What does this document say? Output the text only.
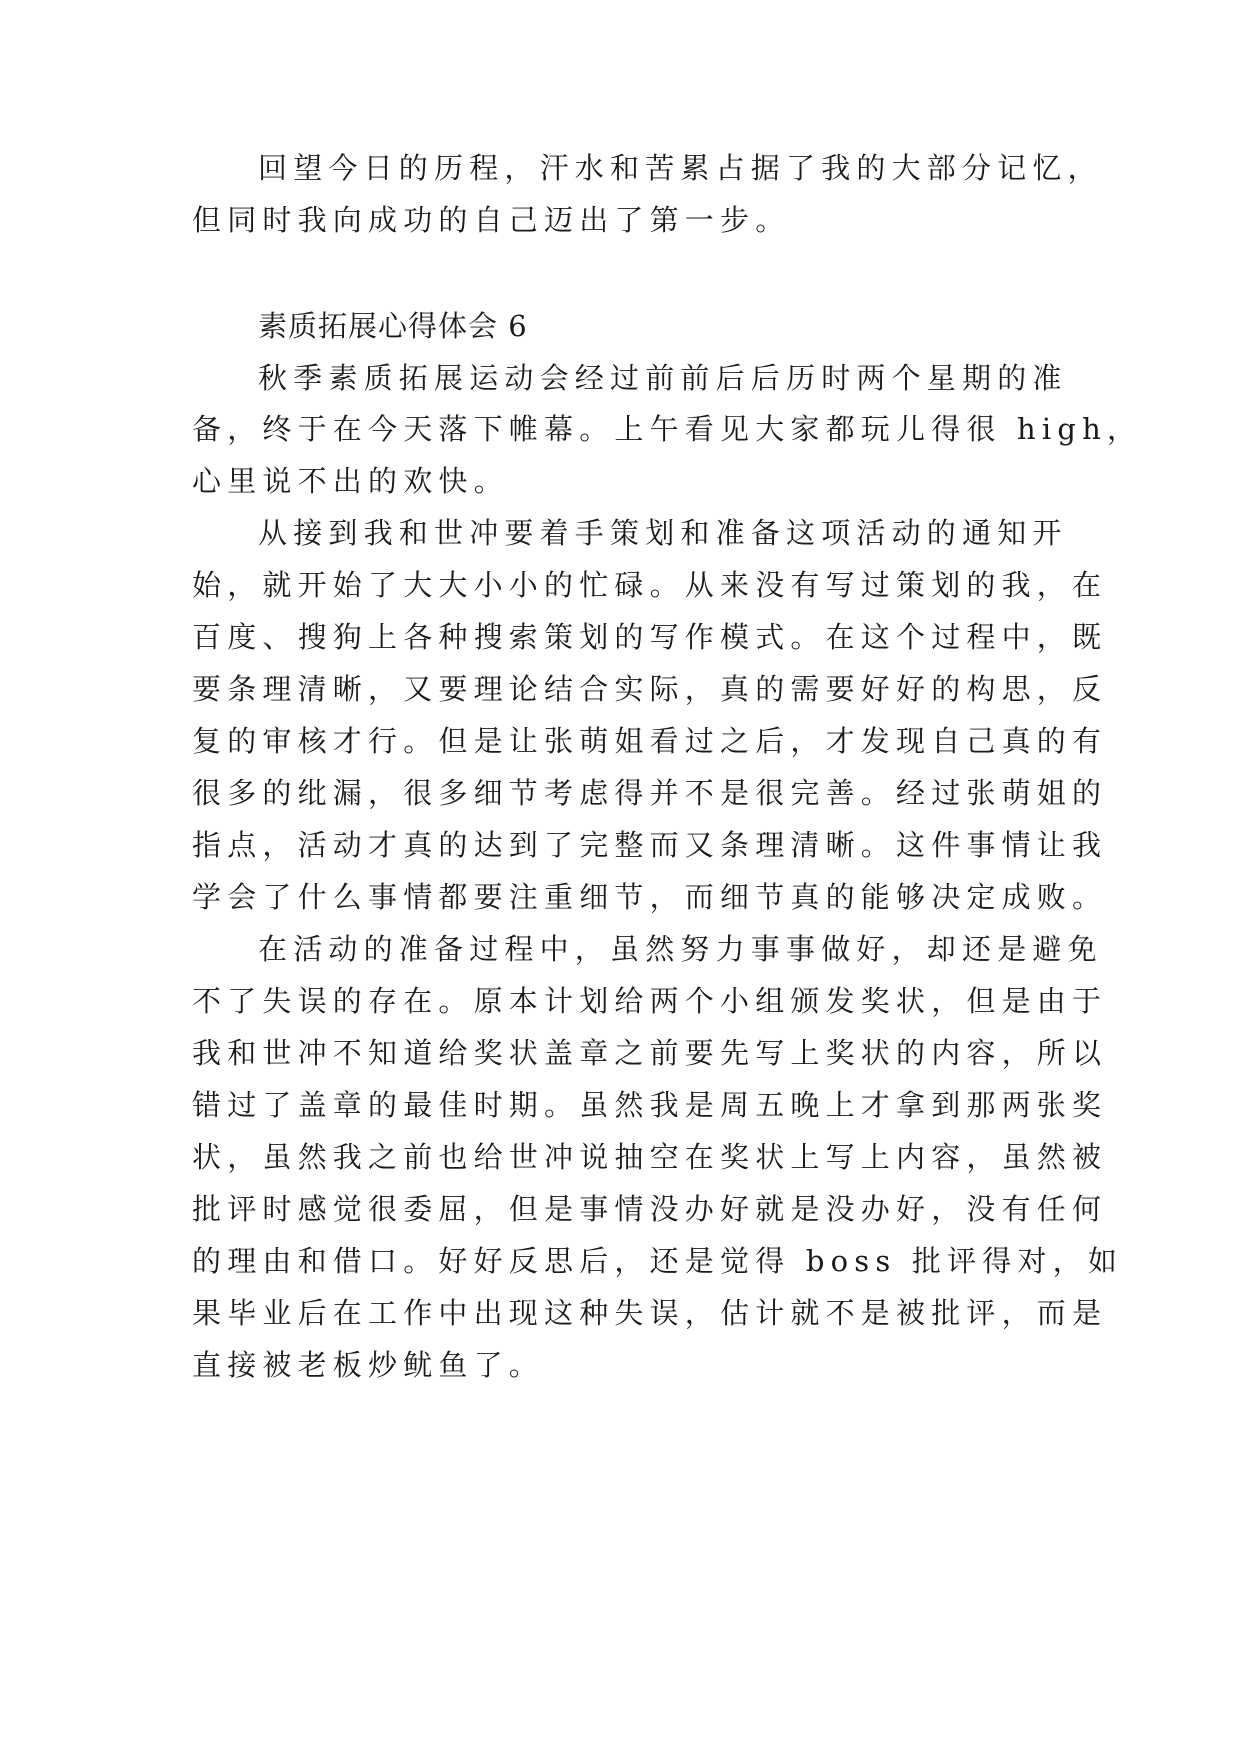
回望今日的历程，汗水和苦累占据了我的大部分记忆，
但同时我向成功的自己迈出了第一步。
素质拓展心得体会 6
秋季素质拓展运动会经过前前后后历时两个星期的准
备，终于在今天落下帷幕。上午看见大家都玩儿得很 high，
心里说不出的欢快。
从接到我和世冲要着手策划和准备这项活动的通知开
始，就开始了大大小小的忙碌。从来没有写过策划的我，在
百度、搜狗上各种搜索策划的写作模式。在这个过程中，既
要条理清晰，又要理论结合实际，真的需要好好的构思，反
复的审核才行。但是让张萌姐看过之后，才发现自己真的有
很多的纰漏，很多细节考虑得并不是很完善。经过张萌姐的
指点，活动才真的达到了完整而又条理清晰。这件事情让我
学会了什么事情都要注重细节，而细节真的能够决定成败。
在活动的准备过程中，虽然努力事事做好，却还是避免
不了失误的存在。原本计划给两个小组颁发奖状，但是由于
我和世冲不知道给奖状盖章之前要先写上奖状的内容，所以
错过了盖章的最佳时期。虽然我是周五晚上才拿到那两张奖
状，虽然我之前也给世冲说抽空在奖状上写上内容，虽然被
批评时感觉很委屈，但是事情没办好就是没办好，没有任何
的理由和借口。好好反思后，还是觉得 boss 批评得对，如
果毕业后在工作中出现这种失误，估计就不是被批评，而是
直接被老板炒鱿鱼了。
